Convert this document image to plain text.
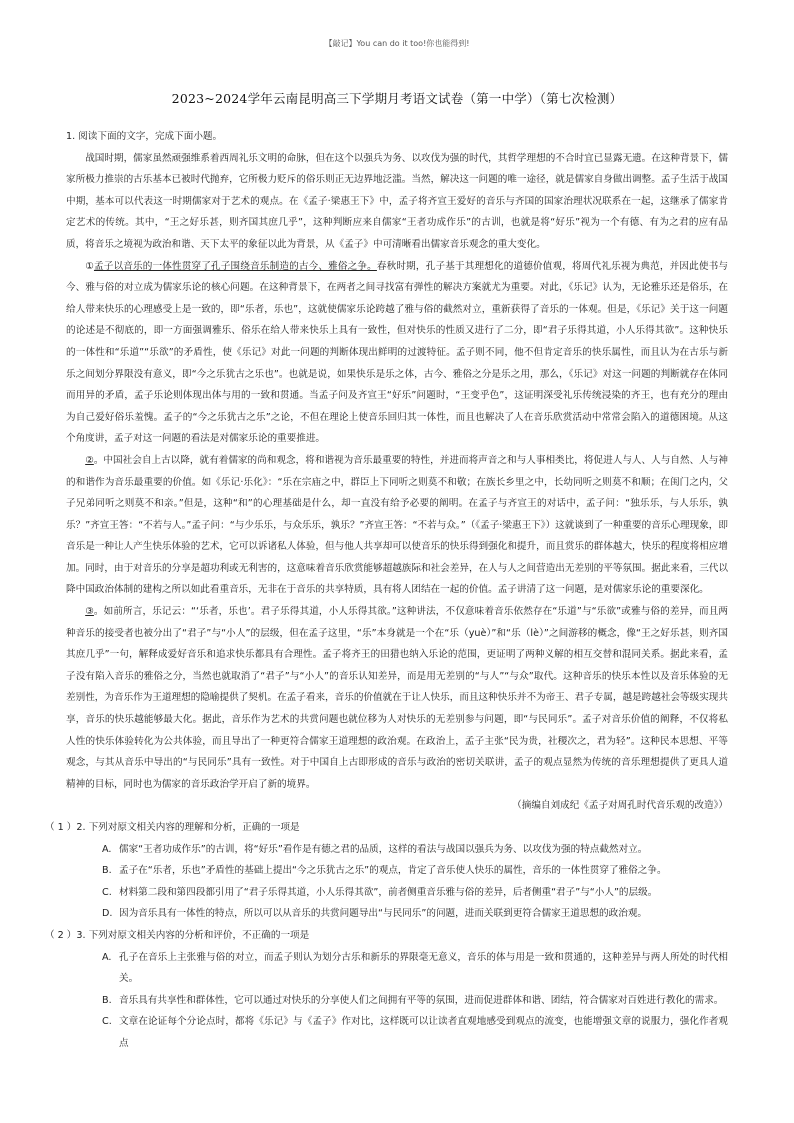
【敲记】You can do it too!你也能得到!
2023~2024学年云南昆明高三下学期月考语文试卷（第一中学）（第七次检测）

1. 阅读下面的文字，完成下面小题。

战国时期，儒家虽然顽强维系着西周礼乐文明的命脉，但在这个以强兵为务、以攻伐为强的时代，其哲学理想的不合时宜已显露无遗。在这种背景下，儒家所极力推崇的古乐基本已被时代抛弃，它所极力贬斥的俗乐则正无边界地泛滥。当然，解决这一问题的唯一途径，就是儒家自身做出调整。孟子生活于战国中期，基本可以代表这一时期儒家对于艺术的观点。在《孟子·梁惠王下》中，孟子将齐宣王爱好的音乐与齐国的国家治理状况联系在一起，这继承了儒家肯定艺术的传统。其中，“王之好乐甚，则齐国其庶几乎”，这种判断应来自儒家“王者功成作乐”的古训，也就是将“好乐”视为一个有德、有为之君的应有品质，将音乐之境视为政治和谐、天下太平的象征以此为背景，从《孟子》中可清晰看出儒家音乐观念的重大变化。

①孟子以音乐的一体性贯穿了孔子围绕音乐制造的古今、雅俗之争。春秋时期，孔子基于其理想化的道德价值观，将周代礼乐视为典范，并因此使书与今、雅与俗的对立成为儒家乐论的核心问题。在这种背景下，在两者之间寻找富有弹性的解决方案就尤为重要。对此，《乐记》认为，无论雅乐还是俗乐，在给人带来快乐的心理感受上是一致的，即“乐者，乐也”，这就使儒家乐论跨越了雅与俗的截然对立，重新获得了音乐的一体观。但是，《乐记》关于这一问题的论述是不彻底的，即一方面强调雅乐、俗乐在给人带来快乐上具有一致性，但对快乐的性质又进行了二分，即“君子乐得其道，小人乐得其欲”。这种快乐的一体性和“乐道”“乐欲”的矛盾性，使《乐记》对此一问题的判断体现出鲜明的过渡特征。孟子则不同，他不但肯定音乐的快乐属性，而且认为在古乐与新乐之间划分界限没有意义，即“今之乐犹古之乐也”。也就是说，如果快乐是乐之体，古今、雅俗之分是乐之用，那么，《乐记》对这一问题的判断就存在体同而用异的矛盾，孟子乐论则体现出体与用的一致和贯通。当孟子问及齐宣王“好乐”问题时，“王变乎色”，这证明深受礼乐传统浸染的齐王，也有充分的理由为自己爱好俗乐羞愧。孟子的“今之乐犹古之乐”之论，不但在理论上使音乐回归其一体性，而且也解决了人在音乐欣赏活动中常常会陷入的道德困境。从这个角度讲，孟子对这一问题的看法是对儒家乐论的重要推进。

②。中国社会自上古以降，就有着儒家的尚和观念，将和谐视为音乐最重要的特性，并进而将声音之和与人事相类比，将促进人与人、人与自然、人与神的和谐作为音乐最重要的价值。如《乐记·乐化》：“乐在宗庙之中，群臣上下同听之则莫不和敬；在族长乡里之中，长幼同听之则莫不和顺；在闺门之内，父子兄弟同听之则莫不和亲。”但是，这种“和”的心理基础是什么，却一直没有给予必要的阐明。在孟子与齐宣王的对话中，孟子问：“独乐乐，与人乐乐，孰乐？”齐宣王答：“不若与人。”孟子问：“与少乐乐，与众乐乐，孰乐？”齐宣王答：“不若与众。”（《孟子·梁惠王下》）这就谈到了一种重要的音乐心理现象，即音乐是一种让人产生快乐体验的艺术，它可以诉诸私人体验，但与他人共享却可以使音乐的快乐得到强化和提升，而且赏乐的群体越大，快乐的程度将相应增加。同时，由于对音乐的分享是超功利或无利害的，这意味着音乐欣赏能够超越族际和社会差异，在人与人之间营造出无差别的平等氛围。据此来看，三代以降中国政治体制的建构之所以如此看重音乐，无非在于音乐的共享特质，具有将人团结在一起的价值。孟子讲清了这一问题，是对儒家乐论的重要深化。

③。如前所言，乐记云：“‘乐者，乐也’。君子乐得其道，小人乐得其欲。”这种讲法，不仅意味着音乐依然存在“乐道”与“乐欲”或雅与俗的差异，而且两种音乐的接受者也被分出了“君子”与“小人”的层级，但在孟子这里，“乐”本身就是一个在“乐（yuè）”和“乐（lè）”之间游移的概念，像“王之好乐甚，则齐国其庶几乎”一句，解释成爱好音乐和追求快乐都具有合理性。孟子将齐王的田猎也纳入乐论的范围，更证明了两种义解的相互交替和混同关系。据此来看，孟子没有陷入音乐的雅俗之分，当然也就取消了“君子”与“小人”的音乐认知差异，而是用无差别的“与人”“与众”取代。这种音乐的快乐本性以及音乐体验的无差别性，为音乐作为王道理想的隐喻提供了契机。在孟子看来，音乐的价值就在于让人快乐，而且这种快乐并不为帝王、君子专属，越是跨越社会等级实现共享，音乐的快乐越能够最大化。据此，音乐作为艺术的共赏问题也就位移为人对快乐的无差别参与问题，即“与民同乐”。孟子对音乐价值的阐释，不仅将私人性的快乐体验转化为公共体验，而且导出了一种更符合儒家王道理想的政治观。在政治上，孟子主张“民为贵，社稷次之，君为轻”。这种民本思想、平等观念，与其从音乐中导出的“与民同乐”具有一致性。对于中国自上古即形成的音乐与政治的密切关联讲，孟子的观点显然为传统的音乐理想提供了更具人道精神的目标，同时也为儒家的音乐政治学开启了新的境界。

（摘编自刘成纪《孟子对周孔时代音乐观的改造》）

（ 1 ）2. 下列对原文相关内容的理解和分析，正确的一项是

A. 儒家“王者功成作乐”的古训，将“好乐”看作是有德之君的品质，这样的看法与战国以强兵为务、以攻伐为强的特点截然对立。
B. 孟子在“乐者，乐也”矛盾性的基础上提出“今之乐犹古之乐”的观点，肯定了音乐使人快乐的属性，音乐的一体性贯穿了雅俗之争。
C. 材料第二段和第四段都引用了“君子乐得其道，小人乐得其欲”，前者侧重音乐雅与俗的差异，后者侧重“君子”与“小人”的层级。
D. 因为音乐具有一体性的特点，所以可以从音乐的共赏问题导出“与民同乐”的问题，进而关联到更符合儒家王道思想的政治观。

（ 2 ）3. 下列对原文相关内容的分析和评价，不正确的一项是

A. 孔子在音乐上主张雅与俗的对立，而孟子则认为划分古乐和新乐的界限毫无意义，音乐的体与用是一致和贯通的，这种差异与两人所处的时代相关。
B. 音乐具有共享性和群体性，它可以通过对快乐的分享使人们之间拥有平等的氛围，进而促进群体和谐、团结，符合儒家对百姓进行教化的需求。
C. 文章在论证每个分论点时，都将《乐记》与《孟子》作对比，这样既可以让读者直观地感受到观点的流变，也能增强文章的说服力，强化作者观点
